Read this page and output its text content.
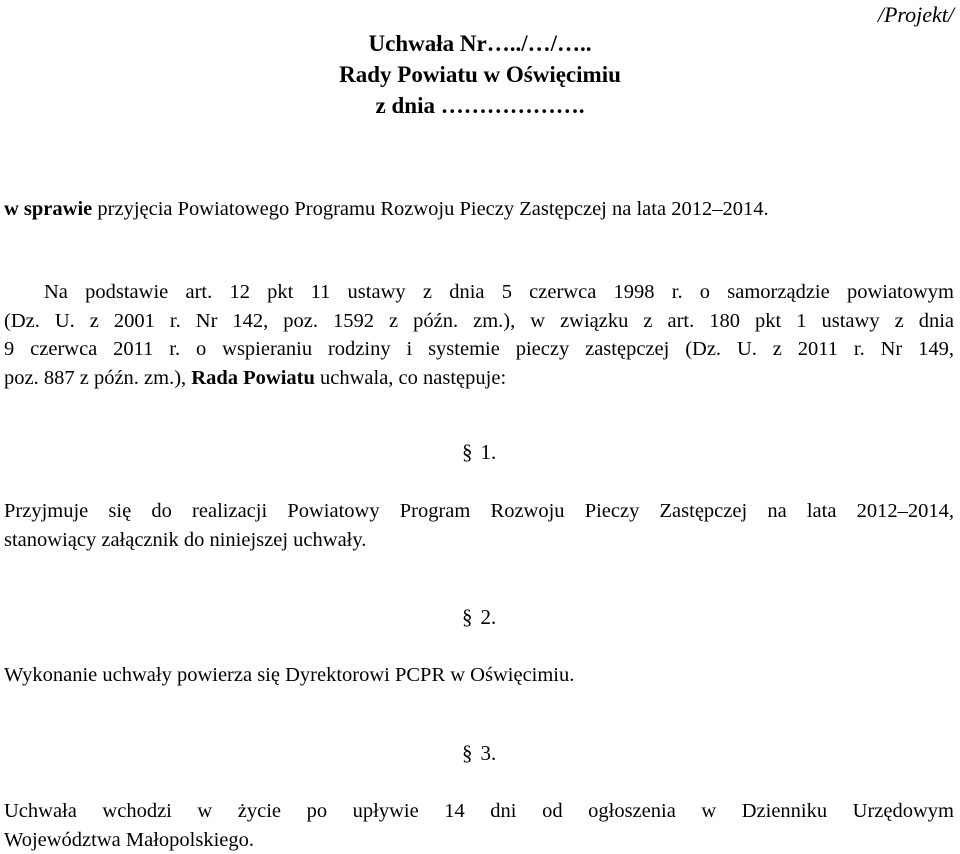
/Projekt/
Uchwała Nr…../…/…..
Rady Powiatu w Oświęcimiu
z dnia ……………….
w sprawie przyjęcia Powiatowego Programu Rozwoju Pieczy Zastępczej na lata 2012‒2014.
Na podstawie art. 12 pkt 11 ustawy z dnia 5 czerwca 1998 r. o samorządzie powiatowym
(Dz. U. z 2001 r. Nr 142, poz. 1592 z późn. zm.), w związku z art. 180 pkt 1 ustawy z dnia
9 czerwca 2011 r. o wspieraniu rodziny i systemie pieczy zastępczej (Dz. U. z 2011 r. Nr 149,
poz. 887 z późn. zm.), Rada Powiatu uchwala, co następuje:
§ 1.
Przyjmuje się do realizacji Powiatowy Program Rozwoju Pieczy Zastępczej na lata 2012‒2014,
stanowiący załącznik do niniejszej uchwały.
§ 2.
Wykonanie uchwały powierza się Dyrektorowi PCPR w Oświęcimiu.
§ 3.
Uchwała wchodzi w życie po upływie 14 dni od ogłoszenia w Dzienniku Urzędowym
Województwa Małopolskiego.
